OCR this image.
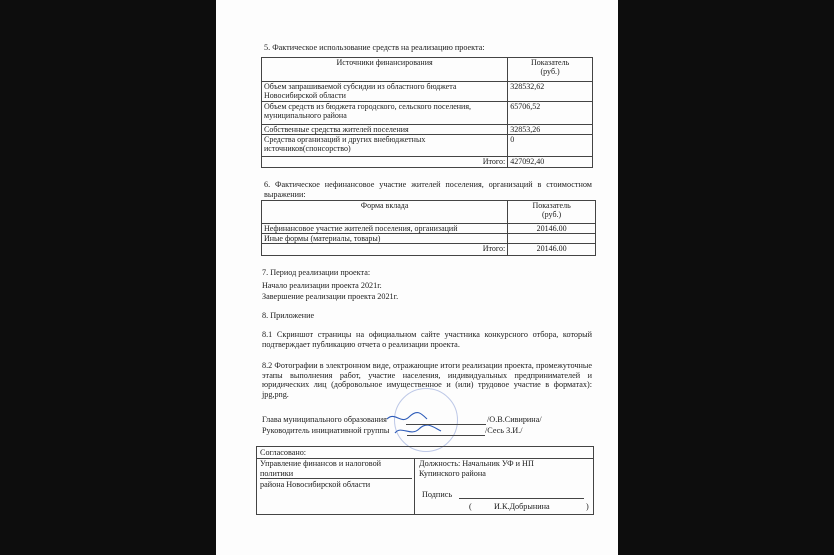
5. Фактическое использование средств на реализацию проекта:
Источники финансирования	Показатель
(руб.)
Объем запрашиваемой субсидии из областного бюджета Новосибирской области	328532,62
Объем средств из бюджета городского, сельского поселения, муниципального района	65706,52
Собственные средства жителей поселения	32853,26
Средства организаций и других внебюджетных источников(спонсорство)	0
Итого:	427092,40
6. Фактическое нефинансовое участие жителей поселения, организаций в стоимостном выражении:
Форма вклада	Показатель
(руб.)
Нефинансовое участие жителей поселения, организаций	20146.00
Иные формы (материалы, товары)	
Итого:	20146.00
7. Период реализации проекта:
Начало реализации проекта 2021г.
Завершение реализации проекта 2021г.
8. Приложение
8.1 Скриншот страницы на официальном сайте участника конкурсного отбора, который подтверждает публикацию отчета о реализации проекта.
8.2 Фотографии в электронном виде, отражающие итоги реализации проекта, промежуточные этапы выполнения работ, участие населения, индивидуальных предпринимателей и юридических лиц (добровольное имущественное и (или) трудовое участие в форматах): jpg,png.
Глава муниципального образования	/О.В.Сивирина/
Руководитель инициативной группы	/Сесь З.И./
Согласовано:
Управление финансов и налоговой
политики
района Новосибирской области
Должность: Начальник УФ и НП
Купинского района
Подпись
(	И.К.Добрынина	)
